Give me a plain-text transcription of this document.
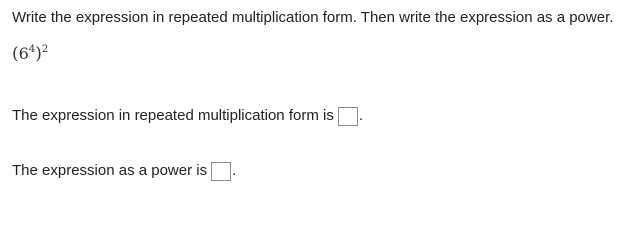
Write the expression in repeated multiplication form. Then write the expression as a power.
$(6^4)^2$
The expression in repeated multiplication form is .
The expression as a power is .
